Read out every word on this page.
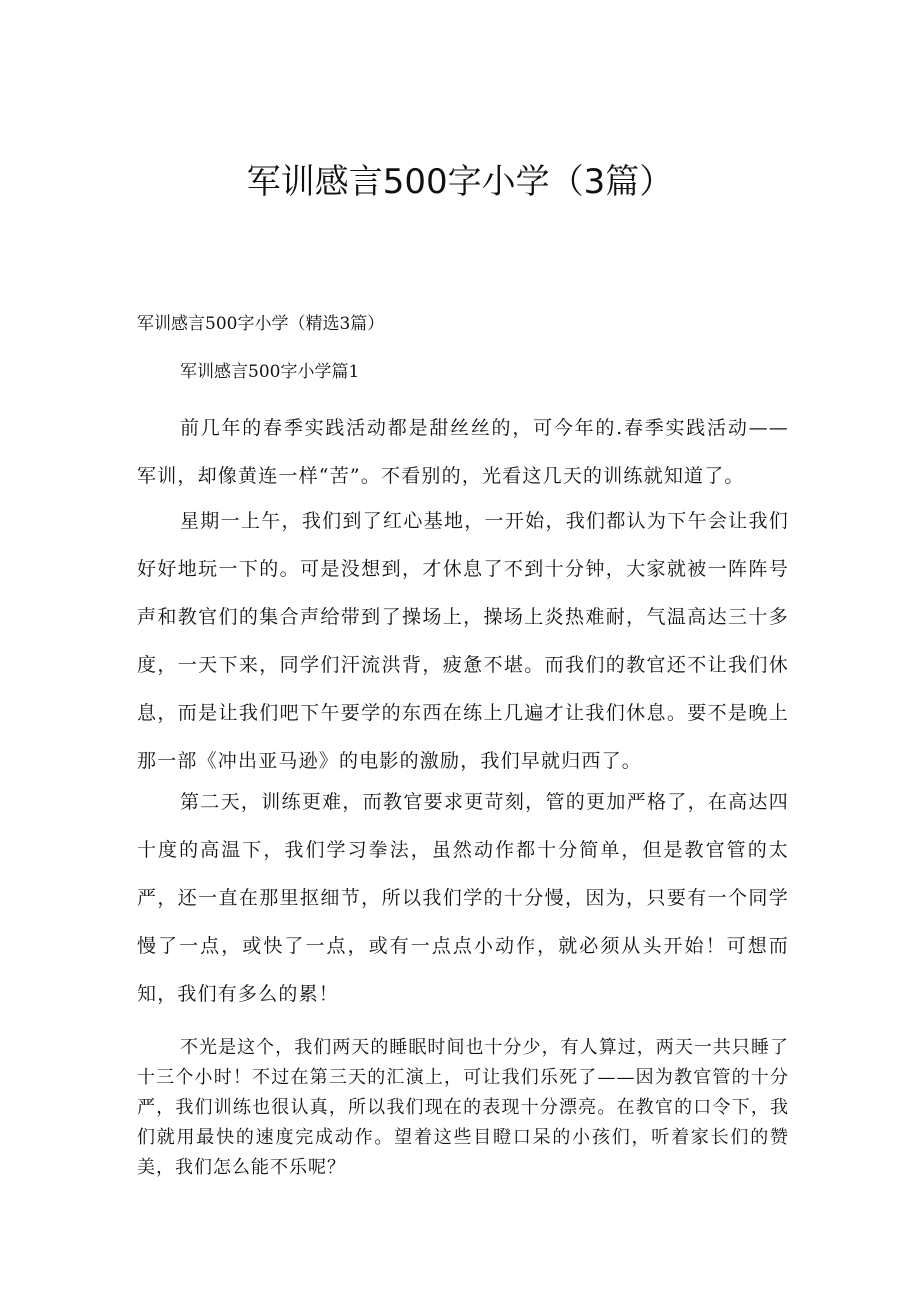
军训感言500字小学（3篇）

军训感言500字小学（精选3篇）

军训感言500字小学篇1

前几年的春季实践活动都是甜丝丝的，可今年的.春季实践活动——军训，却像黄连一样“苦”。不看别的，光看这几天的训练就知道了。

星期一上午，我们到了红心基地，一开始，我们都认为下午会让我们好好地玩一下的。可是没想到，才休息了不到十分钟，大家就被一阵阵号声和教官们的集合声给带到了操场上，操场上炎热难耐，气温高达三十多度，一天下来，同学们汗流洪背，疲惫不堪。而我们的教官还不让我们休息，而是让我们吧下午要学的东西在练上几遍才让我们休息。要不是晚上那一部《冲出亚马逊》的电影的激励，我们早就归西了。

第二天，训练更难，而教官要求更苛刻，管的更加严格了，在高达四十度的高温下，我们学习拳法，虽然动作都十分简单，但是教官管的太严，还一直在那里抠细节，所以我们学的十分慢，因为，只要有一个同学慢了一点，或快了一点，或有一点点小动作，就必须从头开始！可想而知，我们有多么的累！

不光是这个，我们两天的睡眠时间也十分少，有人算过，两天一共只睡了十三个小时！不过在第三天的汇演上，可让我们乐死了——因为教官管的十分严，我们训练也很认真，所以我们现在的表现十分漂亮。在教官的口令下，我们就用最快的速度完成动作。望着这些目瞪口呆的小孩们，听着家长们的赞美，我们怎么能不乐呢？
